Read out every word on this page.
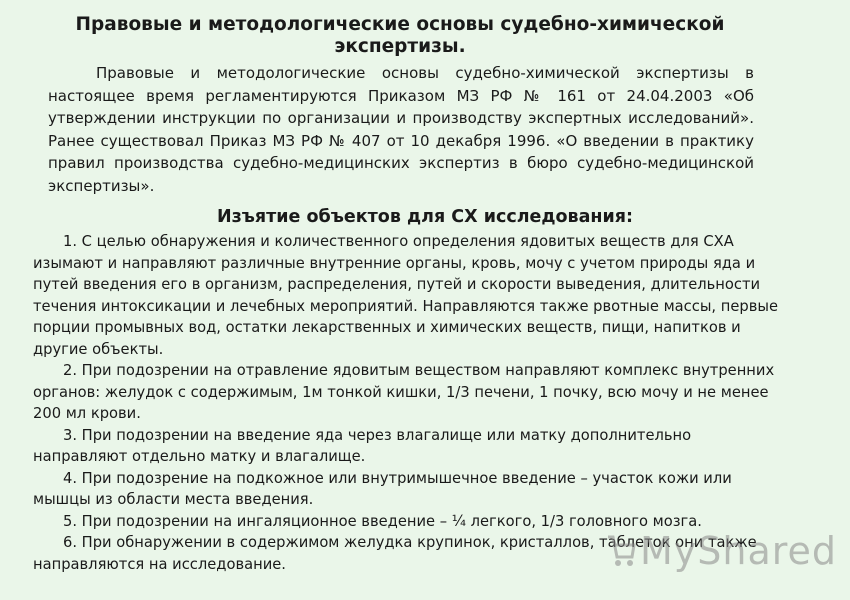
Правовые и методологические основы судебно-химической экспертизы.

Правовые и методологические основы судебно-химической экспертизы в настоящее время регламентируются Приказом МЗ РФ № 161 от 24.04.2003 «Об утверждении инструкции по организации и производству экспертных исследований». Ранее существовал Приказ МЗ РФ № 407 от 10 декабря 1996. «О введении в практику правил производства судебно-медицинских экспертиз в бюро судебно-медицинской экспертизы».

Изъятие объектов для СХ исследования:

1. С целью обнаружения и количественного определения ядовитых веществ для СХА изымают и направляют различные внутренние органы, кровь, мочу с учетом природы яда и путей введения его в организм, распределения, путей и скорости выведения, длительности течения интоксикации и лечебных мероприятий. Направляются также рвотные массы, первые порции промывных вод, остатки лекарственных и химических веществ, пищи, напитков и другие объекты.

2. При подозрении на отравление ядовитым веществом направляют комплекс внутренних органов: желудок с содержимым, 1м тонкой кишки, 1/3 печени, 1 почку, всю мочу и не менее 200 мл крови.

3. При подозрении на введение яда через влагалище или матку дополнительно направляют отдельно матку и влагалище.

4. При подозрение на подкожное или внутримышечное введение – участок кожи или мышцы из области места введения.

5. При подозрении на ингаляционное введение – ¼ легкого, 1/3 головного мозга.

6. При обнаружении в содержимом желудка крупинок, кристаллов, таблеток они также направляются на исследование.	MyShared
